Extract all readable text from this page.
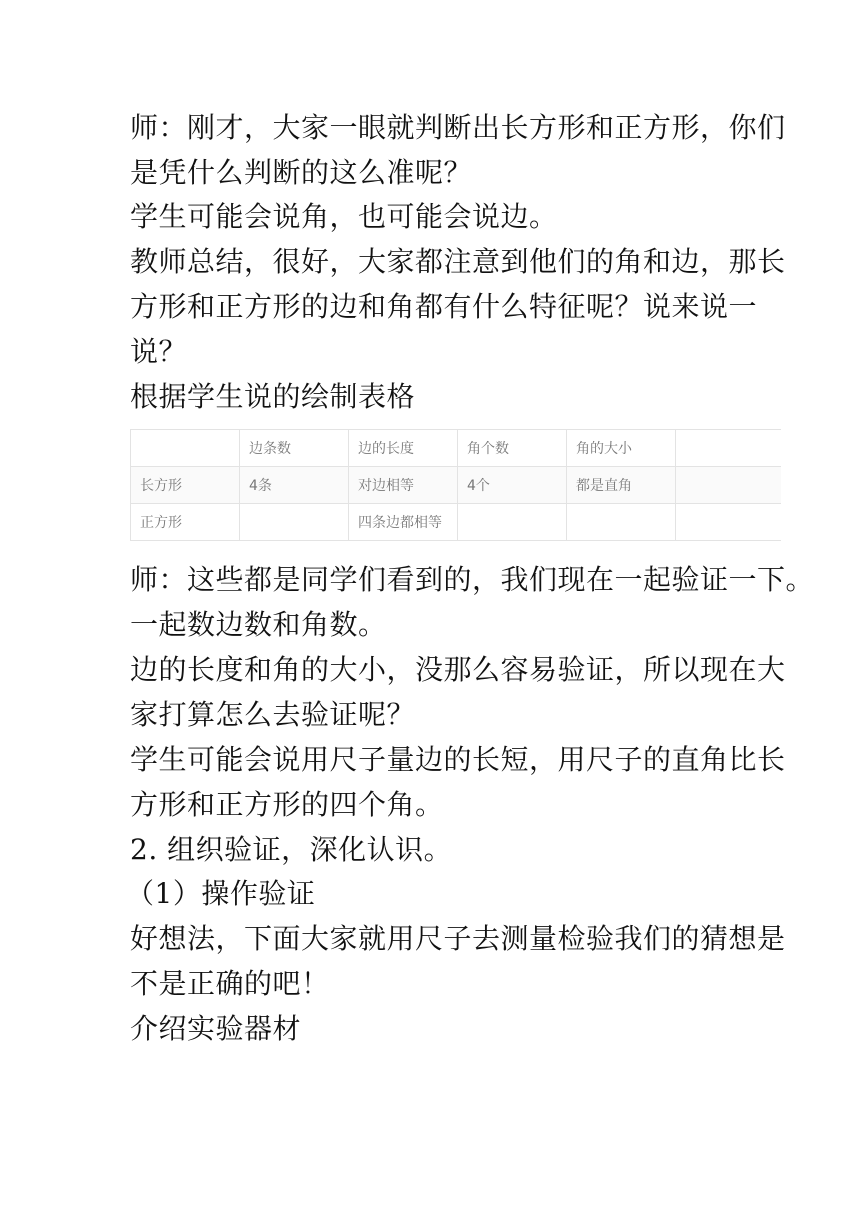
师：刚才，大家一眼就判断出长方形和正方形，你们
是凭什么判断的这么准呢？
学生可能会说角，也可能会说边。
教师总结，很好，大家都注意到他们的角和边，那长
方形和正方形的边和角都有什么特征呢？说来说一
说？
根据学生说的绘制表格
	边条数	边的长度	角个数	角的大小	
长方形	4条	对边相等	4个	都是直角	
正方形		四条边都相等			
师：这些都是同学们看到的，我们现在一起验证一下。
一起数边数和角数。
边的长度和角的大小，没那么容易验证，所以现在大
家打算怎么去验证呢？
学生可能会说用尺子量边的长短，用尺子的直角比长
方形和正方形的四个角。
2. 组织验证，深化认识。
（1）操作验证
好想法，下面大家就用尺子去测量检验我们的猜想是
不是正确的吧！
介绍实验器材
